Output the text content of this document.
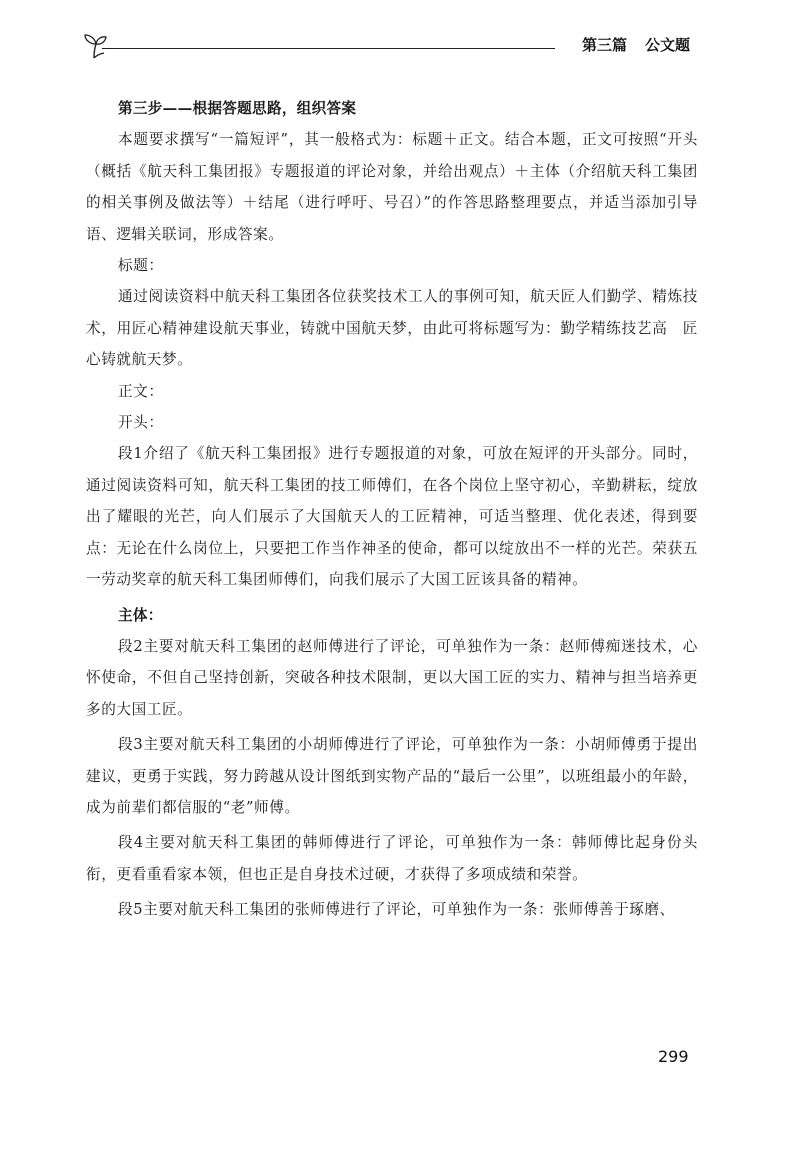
第三篇 公文题

第三步——根据答题思路，组织答案

本题要求撰写“一篇短评”，其一般格式为：标题＋正文。结合本题，正文可按照“开头（概括《航天科工集团报》专题报道的评论对象，并给出观点）＋主体（介绍航天科工集团的相关事例及做法等）＋结尾（进行呼吁、号召）”的作答思路整理要点，并适当添加引导语、逻辑关联词，形成答案。

标题：

通过阅读资料中航天科工集团各位获奖技术工人的事例可知，航天匠人们勤学、精炼技术，用匠心精神建设航天事业，铸就中国航天梦，由此可将标题写为：勤学精练技艺高　匠心铸就航天梦。

正文：

开头：

段1介绍了《航天科工集团报》进行专题报道的对象，可放在短评的开头部分。同时，通过阅读资料可知，航天科工集团的技工师傅们，在各个岗位上坚守初心，辛勤耕耘，绽放出了耀眼的光芒，向人们展示了大国航天人的工匠精神，可适当整理、优化表述，得到要点：无论在什么岗位上，只要把工作当作神圣的使命，都可以绽放出不一样的光芒。荣获五一劳动奖章的航天科工集团师傅们，向我们展示了大国工匠该具备的精神。

主体：

段2主要对航天科工集团的赵师傅进行了评论，可单独作为一条：赵师傅痴迷技术，心怀使命，不但自己坚持创新，突破各种技术限制，更以大国工匠的实力、精神与担当培养更多的大国工匠。

段3主要对航天科工集团的小胡师傅进行了评论，可单独作为一条：小胡师傅勇于提出建议，更勇于实践，努力跨越从设计图纸到实物产品的“最后一公里”，以班组最小的年龄，成为前辈们都信服的“老”师傅。

段4主要对航天科工集团的韩师傅进行了评论，可单独作为一条：韩师傅比起身份头衔，更看重看家本领，但也正是自身技术过硬，才获得了多项成绩和荣誉。

段5主要对航天科工集团的张师傅进行了评论，可单独作为一条：张师傅善于琢磨、

299
